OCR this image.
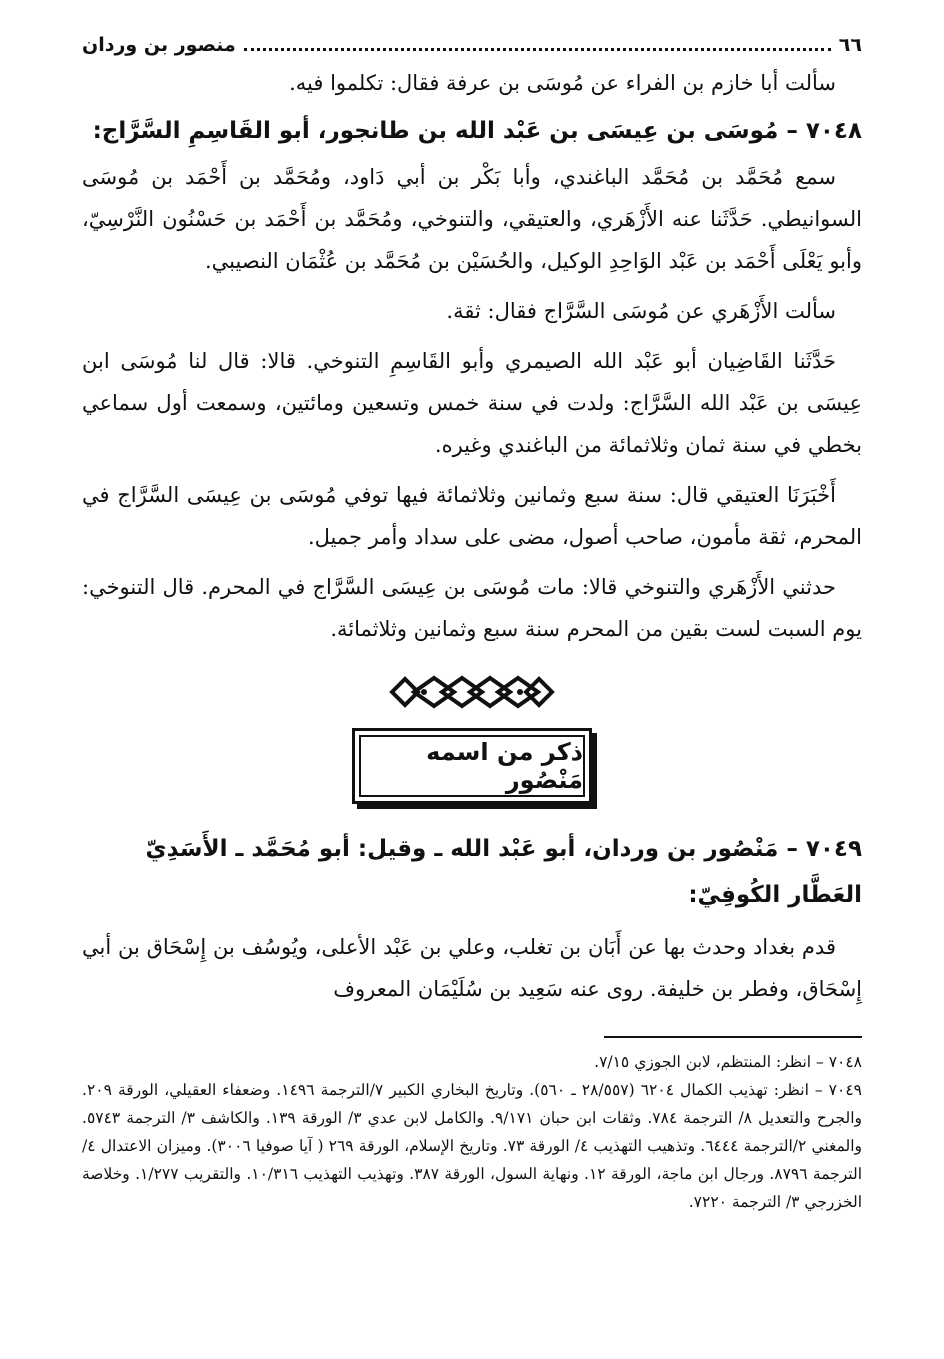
٦٦
منصور بن وردان

سألت أبا خازم بن الفراء عن مُوسَى بن عرفة فقال: تكلموا فيه.

٧٠٤٨ – مُوسَى بن عِيسَى بن عَبْد الله بن طانجور، أبو القَاسِمِ السَّرَّاج:

سمع مُحَمَّد بن مُحَمَّد الباغندي، وأبا بَكْر بن أبي دَاود، ومُحَمَّد بن أَحْمَد بن مُوسَى السوانيطي. حَدَّثَنا عنه الأَزْهَري، والعتيقي، والتنوخي، ومُحَمَّد بن أَحْمَد بن حَسْنُون النَّرْسِيّ، وأبو يَعْلَى أَحْمَد بن عَبْد الوَاحِدِ الوكيل، والحُسَيْن بن مُحَمَّد بن عُثْمَان النصيبي.

سألت الأَزْهَري عن مُوسَى السَّرَّاج فقال: ثقة.

حَدَّثَنا القَاضِيان أبو عَبْد الله الصيمري وأبو القَاسِمِ التنوخي. قالا: قال لنا مُوسَى ابن عِيسَى بن عَبْد الله السَّرَّاج: ولدت في سنة خمس وتسعين ومائتين، وسمعت أول سماعي بخطي في سنة ثمان وثلاثمائة من الباغندي وغيره.

أَخْبَرَنَا العتيقي قال: سنة سبع وثمانين وثلاثمائة فيها توفي مُوسَى بن عِيسَى السَّرَّاج في المحرم، ثقة مأمون، صاحب أصول، مضى على سداد وأمر جميل.

حدثني الأَزْهَري والتنوخي قالا: مات مُوسَى بن عِيسَى السَّرَّاج في المحرم. قال التنوخي: يوم السبت لست بقين من المحرم سنة سبع وثمانين وثلاثمائة.

ذكر من اسمه مَنْصُور
٧٠٤٩ – مَنْصُور بن وردان، أبو عَبْد الله ـ وقيل: أبو مُحَمَّد ـ الأَسَدِيّ العَطَّار الكُوفِيّ:

قدم بغداد وحدث بها عن أَبَان بن تغلب، وعلي بن عَبْد الأعلى، ويُوسُف بن إِسْحَاق بن أبي إِسْحَاق، وفطر بن خليفة. روى عنه سَعِيد بن سُلَيْمَان المعروف

٧٠٤٨ – انظر: المنتظم، لابن الجوزي ٧/١٥.

٧٠٤٩ – انظر: تهذيب الكمال ٦٢٠٤ (٢٨/٥٥٧ ـ ٥٦٠). وتاريخ البخاري الكبير ٧/الترجمة ١٤٩٦. وضعفاء العقيلي، الورقة ٢٠٩. والجرح والتعديل ٨/ الترجمة ٧٨٤. وثقات ابن حبان ٩/١٧١. والكامل لابن عدي ٣/ الورقة ١٣٩. والكاشف ٣/ الترجمة ٥٧٤٣. والمغني ٢/الترجمة ٦٤٤٤. وتذهيب التهذيب ٤/ الورقة ٧٣. وتاريخ الإسلام، الورقة ٢٦٩ ( آيا صوفيا ٣٠٠٦). وميزان الاعتدال ٤/ الترجمة ٨٧٩٦. ورجال ابن ماجة، الورقة ١٢. ونهاية السول، الورقة ٣٨٧. وتهذيب التهذيب ١٠/٣١٦. والتقريب ١/٢٧٧. وخلاصة الخزرجي ٣/ الترجمة ٧٢٢٠.
